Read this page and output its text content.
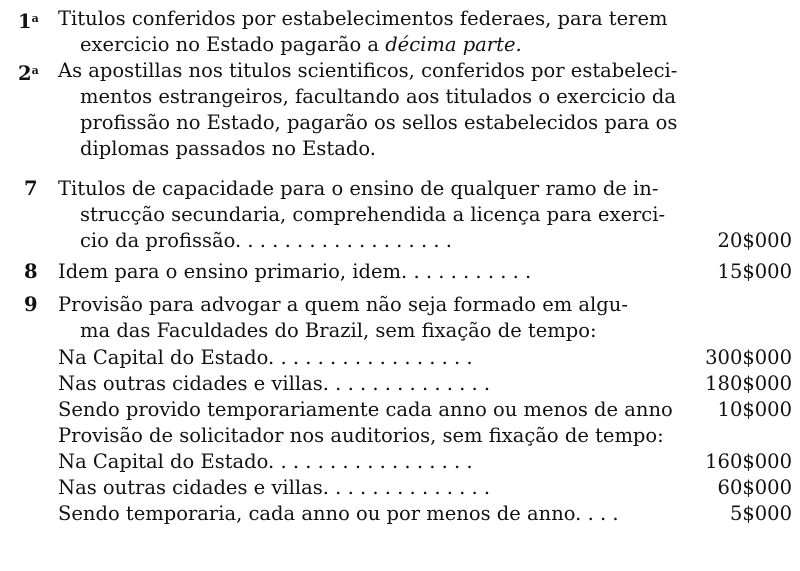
1$^a$ Titulos conferidos por estabelecimentos federaes, para terem
exercicio no Estado pagarão a décima parte.
2$^a$ As apostillas nos titulos scientificos, conferidos por estabeleci-
mentos estrangeiros, facultando aos titulados o exercicio da
profissão no Estado, pagarão os sellos estabelecidos para os
diplomas passados no Estado.
7 Titulos de capacidade para o ensino de qualquer ramo de in-
strucção secundaria, comprehendida a licença para exerci-
cio da profissão. . . . . . . . . . . . . . . . . .	20$000
8 Idem para o ensino primario, idem. . . . . . . . . . .	15$000
9 Provisão para advogar a quem não seja formado em algu-
ma das Faculdades do Brazil, sem fixação de tempo:
Na Capital do Estado. . . . . . . . . . . . . . . . .	300$000
Nas outras cidades e villas. . . . . . . . . . . . . .	180$000
Sendo provido temporariamente cada anno ou menos de anno 10$000
Provisão de solicitador nos auditorios, sem fixação de tempo:
Na Capital do Estado. . . . . . . . . . . . . . . . .	160$000
Nas outras cidades e villas. . . . . . . . . . . . . .	60$000
Sendo temporaria, cada anno ou por menos de anno. . . .	5$000
